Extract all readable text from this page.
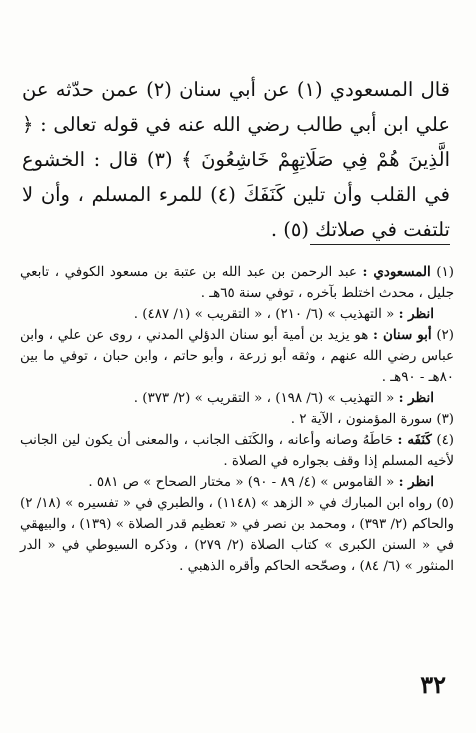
قال المسعودي (١) عن أبي سنان (٢) عمن حدّثه عن علي ابن أبي طالب رضي الله عنه في قوله تعالى : ﴿ الَّذِينَ هُمْ فِي صَلَاتِهِمْ خَاشِعُونَ ﴾ (٣) قال : الخشوع في القلب وأن تلين كَنَفَكَ (٤) للمرء المسلم ، وأن لا تلتفت في صلاتك (٥) .

(١) المسعودي : عبد الرحمن بن عبد الله بن عتبة بن مسعود الكوفي ، تابعي جليل ، محدث اختلط بآخره ، توفي سنة ٦٥هـ .

انظر : « التهذيب » (٦/ ٢١٠) ، « التقريب » (١/ ٤٨٧) .

(٢) أبو سنان : هو يزيد بن أمية أبو سنان الدؤلي المدني ، روى عن علي ، وابن عباس رضي الله عنهم ، وثقه أبو زرعة ، وأبو حاتم ، وابن حبان ، توفي ما بين ٨٠هـ - ٩٠هـ .

انظر : « التهذيب » (٦/ ١٩٨) ، « التقريب » (٢/ ٣٧٣) .

(٣) سورة المؤمنون ، الآية ٢ .

(٤) كَنَفَه : حَاطَهُ وصانه وأعانه ، والكَنَف الجانب ، والمعنى أن يكون لين الجانب لأخيه المسلم إذا وقف بجواره في الصلاة .

انظر : « القاموس » (٤/ ٨٩ - ٩٠) « مختار الصحاح » ص ٥٨١ .

(٥) رواه ابن المبارك في « الزهد » (١١٤٨) ، والطبري في « تفسيره » (١٨/ ٢) والحاكم (٢/ ٣٩٣) ، ومحمد بن نصر في « تعظيم قدر الصلاة » (١٣٩) ، والبيهقي في « السنن الكبرى » كتاب الصلاة (٢/ ٢٧٩) ، وذكره السيوطي في « الدر المنثور » (٦/ ٨٤) ، وصحّحه الحاكم وأقره الذهبي .

٣٢
